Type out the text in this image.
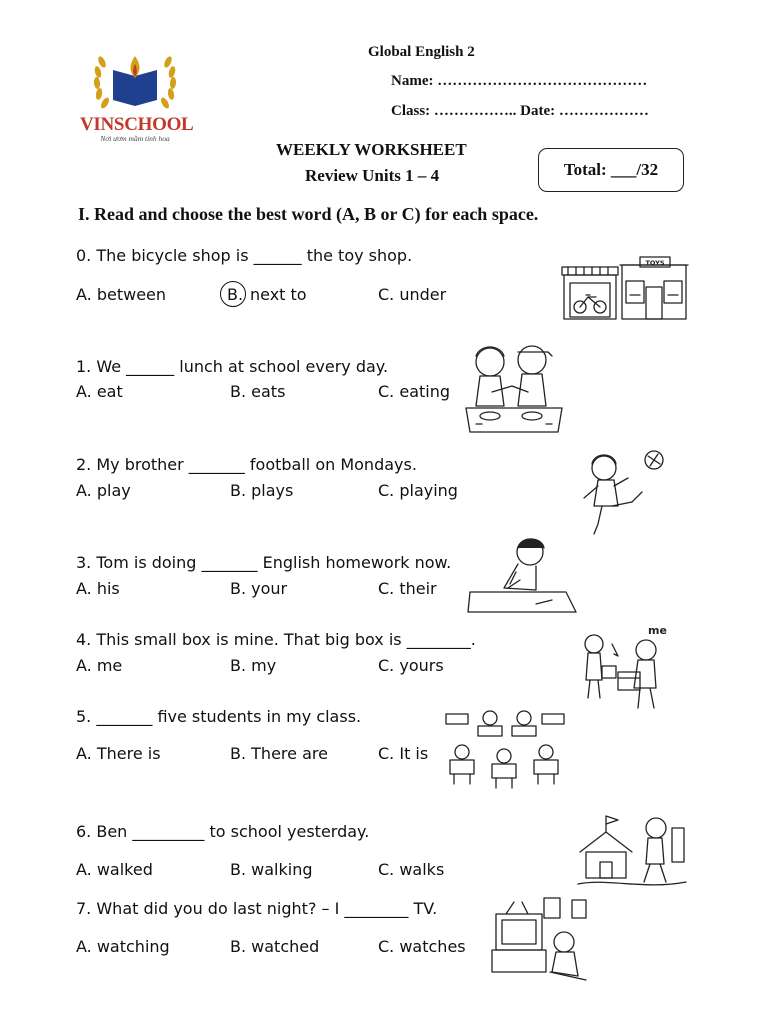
VINSCHOOL
Nơi ươm mầm tinh hoa
Global English 2
Name: ……………………………………
Class: …………….. Date: ………………
WEEKLY WORKSHEET
Review Units 1 – 4	Total: ___/32
I. Read and choose the best word (A, B or C) for each space.
0. The bicycle shop is ______ the toy shop.
A. between	B. next to	C. under
TOYS
1. We ______ lunch at school every day.
A. eat	B. eats	C. eating
2. My brother _______ football on Mondays.
A. play	B. plays	C. playing
3. Tom is doing _______ English homework now.
A. his	B. your	C. their
4. This small box is mine. That big box is ________.
A. me	B. my	C. yours
me
5. _______ five students in my class.
A. There is	B. There are	C. It is
6. Ben _________ to school yesterday.
A. walked	B. walking	C. walks
7. What did you do last night? – I ________ TV.
A. watching	B. watched	C. watches
